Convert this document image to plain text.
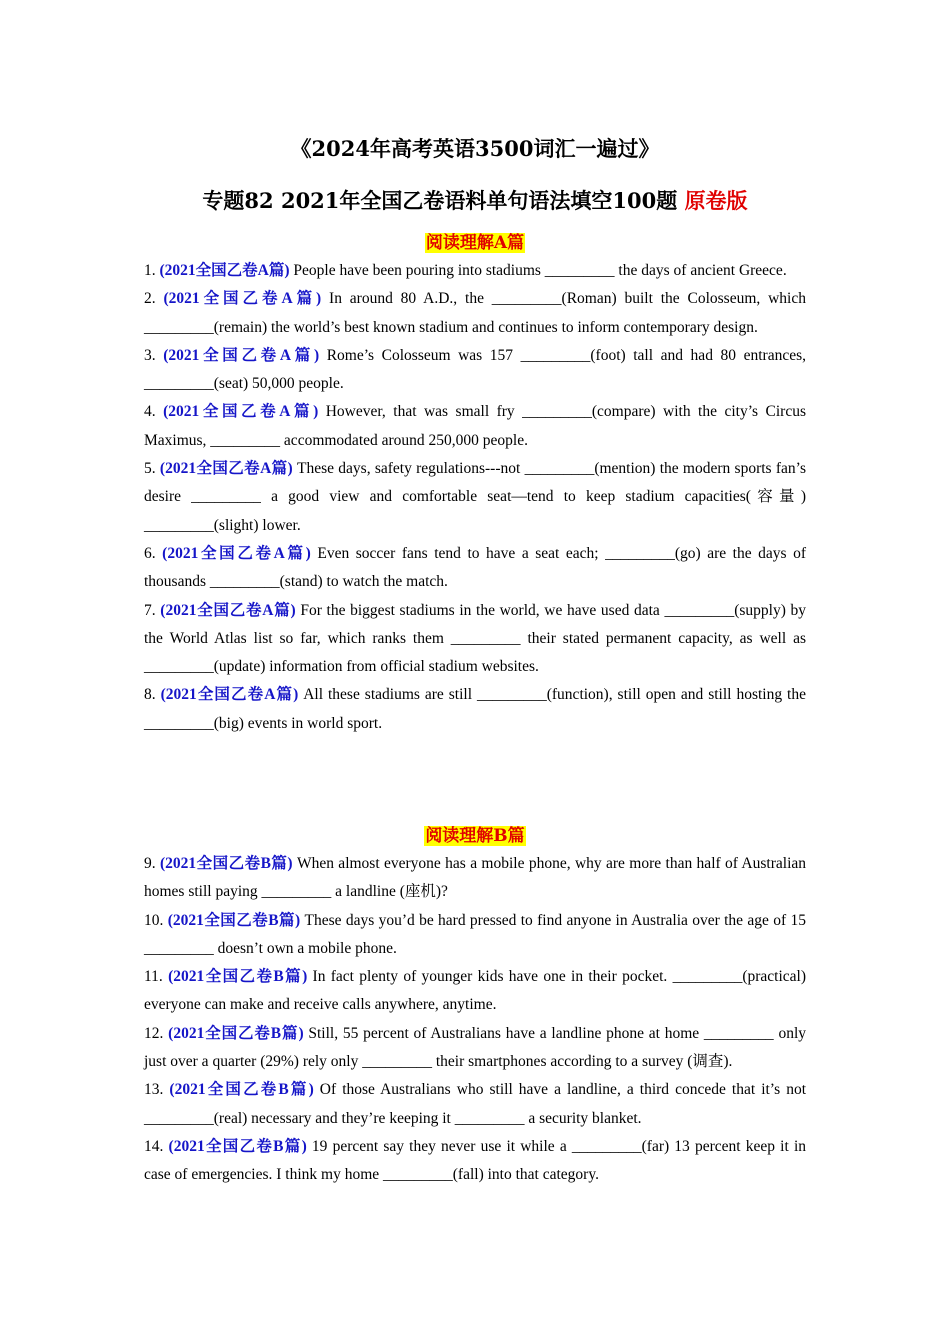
《2024年高考英语3500词汇一遍过》
专题82 2021年全国乙卷语料单句语法填空100题 原卷版
阅读理解A篇

1. (2021全国乙卷A篇) People have been pouring into stadiums _________ the days of ancient Greece.

2. (2021全国乙卷A篇) In around 80 A.D., the _________(Roman) built the Colosseum, which _________(remain) the world’s best known stadium and continues to inform contemporary design.

3. (2021全国乙卷A篇) Rome’s Colosseum was 157 _________(foot) tall and had 80 entrances, _________(seat) 50,000 people.

4. (2021全国乙卷A篇) However, that was small fry _________(compare) with the city’s Circus Maximus, _________ accommodated around 250,000 people.

5. (2021全国乙卷A篇) These days, safety regulations---not _________(mention) the modern sports fan’s desire _________ a good view and comfortable seat—tend to keep stadium capacities(容量) _________(slight) lower.

6. (2021全国乙卷A篇) Even soccer fans tend to have a seat each; _________(go) are the days of thousands _________(stand) to watch the match.

7. (2021全国乙卷A篇) For the biggest stadiums in the world, we have used data _________(supply) by the World Atlas list so far, which ranks them _________ their stated permanent capacity, as well as _________(update) information from official stadium websites.

8. (2021全国乙卷A篇) All these stadiums are still _________(function), still open and still hosting the _________(big) events in world sport.

阅读理解B篇

9. (2021全国乙卷B篇) When almost everyone has a mobile phone, why are more than half of Australian homes still paying _________ a landline (座机)?

10. (2021全国乙卷B篇) These days you’d be hard pressed to find anyone in Australia over the age of 15 _________ doesn’t own a mobile phone.

11. (2021全国乙卷B篇) In fact plenty of younger kids have one in their pocket. _________(practical) everyone can make and receive calls anywhere, anytime.

12. (2021全国乙卷B篇) Still, 55 percent of Australians have a landline phone at home _________ only just over a quarter (29%) rely only _________ their smartphones according to a survey (调查).

13. (2021全国乙卷B篇) Of those Australians who still have a landline, a third concede that it’s not _________(real) necessary and they’re keeping it _________ a security blanket.

14. (2021全国乙卷B篇) 19 percent say they never use it while a _________(far) 13 percent keep it in case of emergencies. I think my home _________(fall) into that category.
